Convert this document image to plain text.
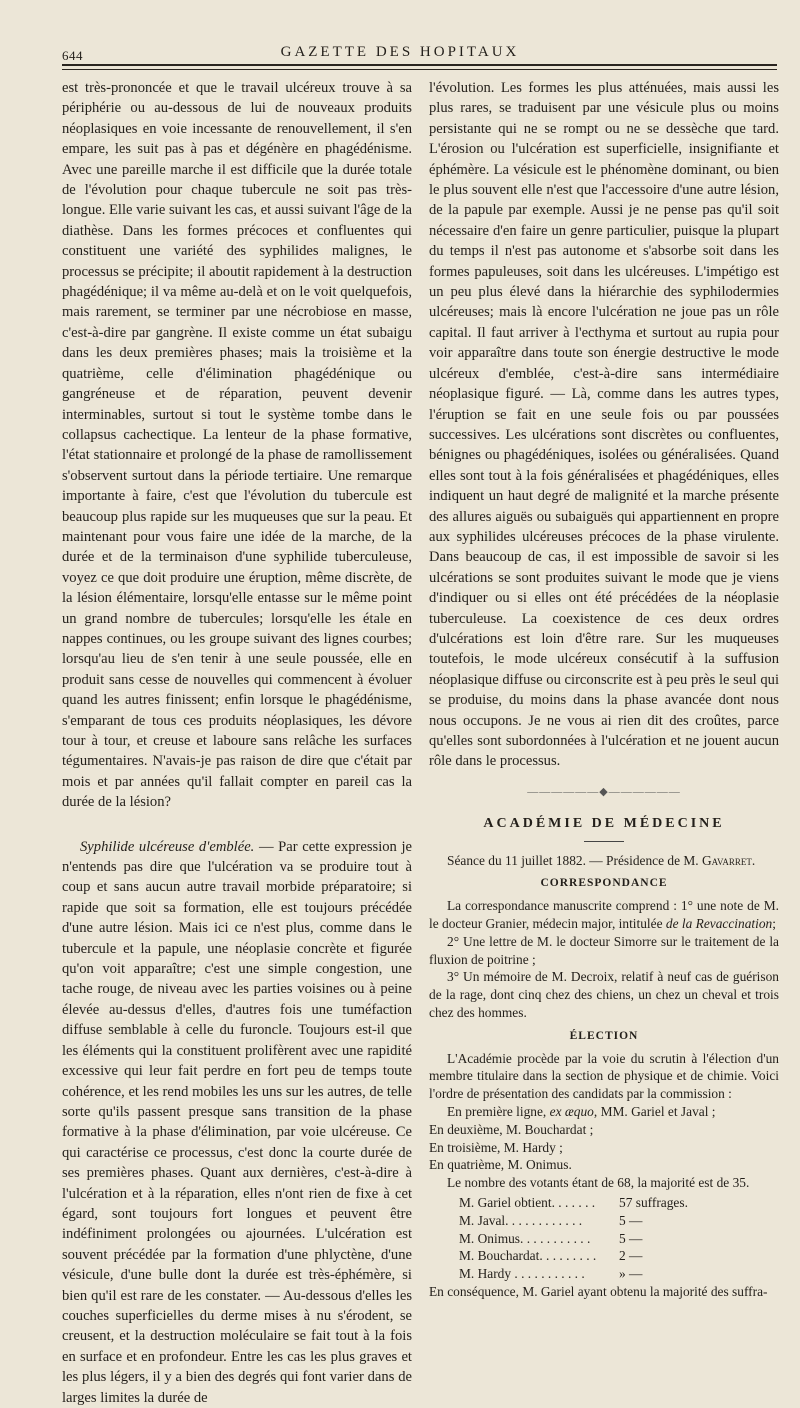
644	GAZETTE DES HOPITAUX

est très-prononcée et que le travail ulcéreux trouve à sa périphérie ou au-dessous de lui de nouveaux produits néoplasiques en voie incessante de renouvellement, il s'en empare, les suit pas à pas et dégénère en phagédénisme. Avec une pareille marche il est difficile que la durée totale de l'évolution pour chaque tubercule ne soit pas très-longue. Elle varie suivant les cas, et aussi suivant l'âge de la diathèse. Dans les formes précoces et confluentes qui constituent une variété des syphilides malignes, le processus se précipite; il aboutit rapidement à la destruction phagédénique; il va même au-delà et on le voit quelquefois, mais rarement, se terminer par une nécrobiose en masse, c'est-à-dire par gangrène. Il existe comme un état subaigu dans les deux premières phases; mais la troisième et la quatrième, celle d'élimination phagédénique ou gangréneuse et de réparation, peuvent devenir interminables, surtout si tout le système tombe dans le collapsus cachectique. La lenteur de la phase formative, l'état stationnaire et prolongé de la phase de ramollissement s'observent surtout dans la période tertiaire. Une remarque importante à faire, c'est que l'évolution du tubercule est beaucoup plus rapide sur les muqueuses que sur la peau. Et maintenant pour vous faire une idée de la marche, de la durée et de la terminaison d'une syphilide tuberculeuse, voyez ce que doit produire une éruption, même discrète, de la lésion élémentaire, lorsqu'elle entasse sur le même point un grand nombre de tubercules; lorsqu'elle les étale en nappes continues, ou les groupe suivant des lignes courbes; lorsqu'au lieu de s'en tenir à une seule poussée, elle en produit sans cesse de nouvelles qui commencent à évoluer quand les autres finissent; enfin lorsque le phagédénisme, s'emparant de tous ces produits néoplasiques, les dévore tour à tour, et creuse et laboure sans relâche les surfaces tégumentaires. N'avais-je pas raison de dire que c'était par mois et par années qu'il fallait compter en pareil cas la durée de la lésion?

Syphilide ulcéreuse d'emblée. — Par cette expression je n'entends pas dire que l'ulcération va se produire tout à coup et sans aucun autre travail morbide préparatoire; si rapide que soit sa formation, elle est toujours précédée d'une autre lésion. Mais ici ce n'est plus, comme dans le tubercule et la papule, une néoplasie concrète et figurée qu'on voit apparaître; c'est une simple congestion, une tache rouge, de niveau avec les parties voisines ou à peine élevée au-dessus d'elles, d'autres fois une tuméfaction diffuse semblable à celle du furoncle. Toujours est-il que les éléments qui la constituent prolifèrent avec une rapidité excessive qui leur fait perdre en fort peu de temps toute cohérence, et les rend mobiles les uns sur les autres, de telle sorte qu'ils passent presque sans transition de la phase formative à la phase d'élimination, par voie ulcéreuse. Ce qui caractérise ce processus, c'est donc la courte durée de ses premières phases. Quant aux dernières, c'est-à-dire à l'ulcération et à la réparation, elles n'ont rien de fixe à cet égard, sont toujours fort longues et peuvent être indéfiniment prolongées ou ajournées. L'ulcération est souvent précédée par la formation d'une phlyctène, d'une vésicule, d'une bulle dont la durée est très-éphémère, si bien qu'il est rare de les constater. — Au-dessous d'elles les couches superficielles du derme mises à nu s'érodent, se creusent, et la destruction moléculaire se fait tout à la fois en surface et en profondeur. Entre les cas les plus graves et les plus légers, il y a bien des degrés qui font varier dans de larges limites la durée de

l'évolution. Les formes les plus atténuées, mais aussi les plus rares, se traduisent par une vésicule plus ou moins persistante qui ne se rompt ou ne se dessèche que tard. L'érosion ou l'ulcération est superficielle, insignifiante et éphémère. La vésicule est le phénomène dominant, ou bien le plus souvent elle n'est que l'accessoire d'une autre lésion, de la papule par exemple. Aussi je ne pense pas qu'il soit nécessaire d'en faire un genre particulier, puisque la plupart du temps il n'est pas autonome et s'absorbe soit dans les formes papuleuses, soit dans les ulcéreuses. L'impétigo est un peu plus élevé dans la hiérarchie des syphilodermies ulcéreuses; mais là encore l'ulcération ne joue pas un rôle capital. Il faut arriver à l'ecthyma et surtout au rupia pour voir apparaître dans toute son énergie destructive le mode ulcéreux d'emblée, c'est-à-dire sans intermédiaire néoplasique figuré. — Là, comme dans les autres types, l'éruption se fait en une seule fois ou par poussées successives. Les ulcérations sont discrètes ou confluentes, bénignes ou phagédéniques, isolées ou généralisées. Quand elles sont tout à la fois généralisées et phagédéniques, elles indiquent un haut degré de malignité et la marche présente des allures aiguës ou subaiguës qui appartiennent en propre aux syphilides ulcéreuses précoces de la phase virulente. Dans beaucoup de cas, il est impossible de savoir si les ulcérations se sont produites suivant le mode que je viens d'indiquer ou si elles ont été précédées de la néoplasie tuberculeuse. La coexistence de ces deux ordres d'ulcérations est loin d'être rare. Sur les muqueuses toutefois, le mode ulcéreux consécutif à la suffusion néoplasique diffuse ou circonscrite est à peu près le seul qui se produise, du moins dans la phase avancée dont nous nous occupons. Je ne vous ai rien dit des croûtes, parce qu'elles sont subordonnées à l'ulcération et ne jouent aucun rôle dans le processus.

——————◆——————
ACADÉMIE DE MÉDECINE

Séance du 11 juillet 1882. — Présidence de M. Gavarret.

CORRESPONDANCE

La correspondance manuscrite comprend : 1° une note de M. le docteur Granier, médecin major, intitulée de la Revaccination;

2° Une lettre de M. le docteur Simorre sur le traitement de la fluxion de poitrine ;

3° Un mémoire de M. Decroix, relatif à neuf cas de guérison de la rage, dont cinq chez des chiens, un chez un cheval et trois chez des hommes.

ÉLECTION

L'Académie procède par la voie du scrutin à l'élection d'un membre titulaire dans la section de physique et de chimie. Voici l'ordre de présentation des candidats par la commission :

En première ligne, ex æquo, MM. Gariel et Javal ;

En deuxième, M. Bouchardat ;

En troisième, M. Hardy ;

En quatrième, M. Onimus.

Le nombre des votants étant de 68, la majorité est de 35.

M. Gariel obtient. . . . . . . 57 suffrages.
M. Javal. . . . . . . . . . . .	5 —
M. Onimus. . . . . . . . . . . 5 —
M. Bouchardat. . . . . . . . . 2 —
M. Hardy . . . . . . . . . . .	» —

En conséquence, M. Gariel ayant obtenu la majorité des suffra-
